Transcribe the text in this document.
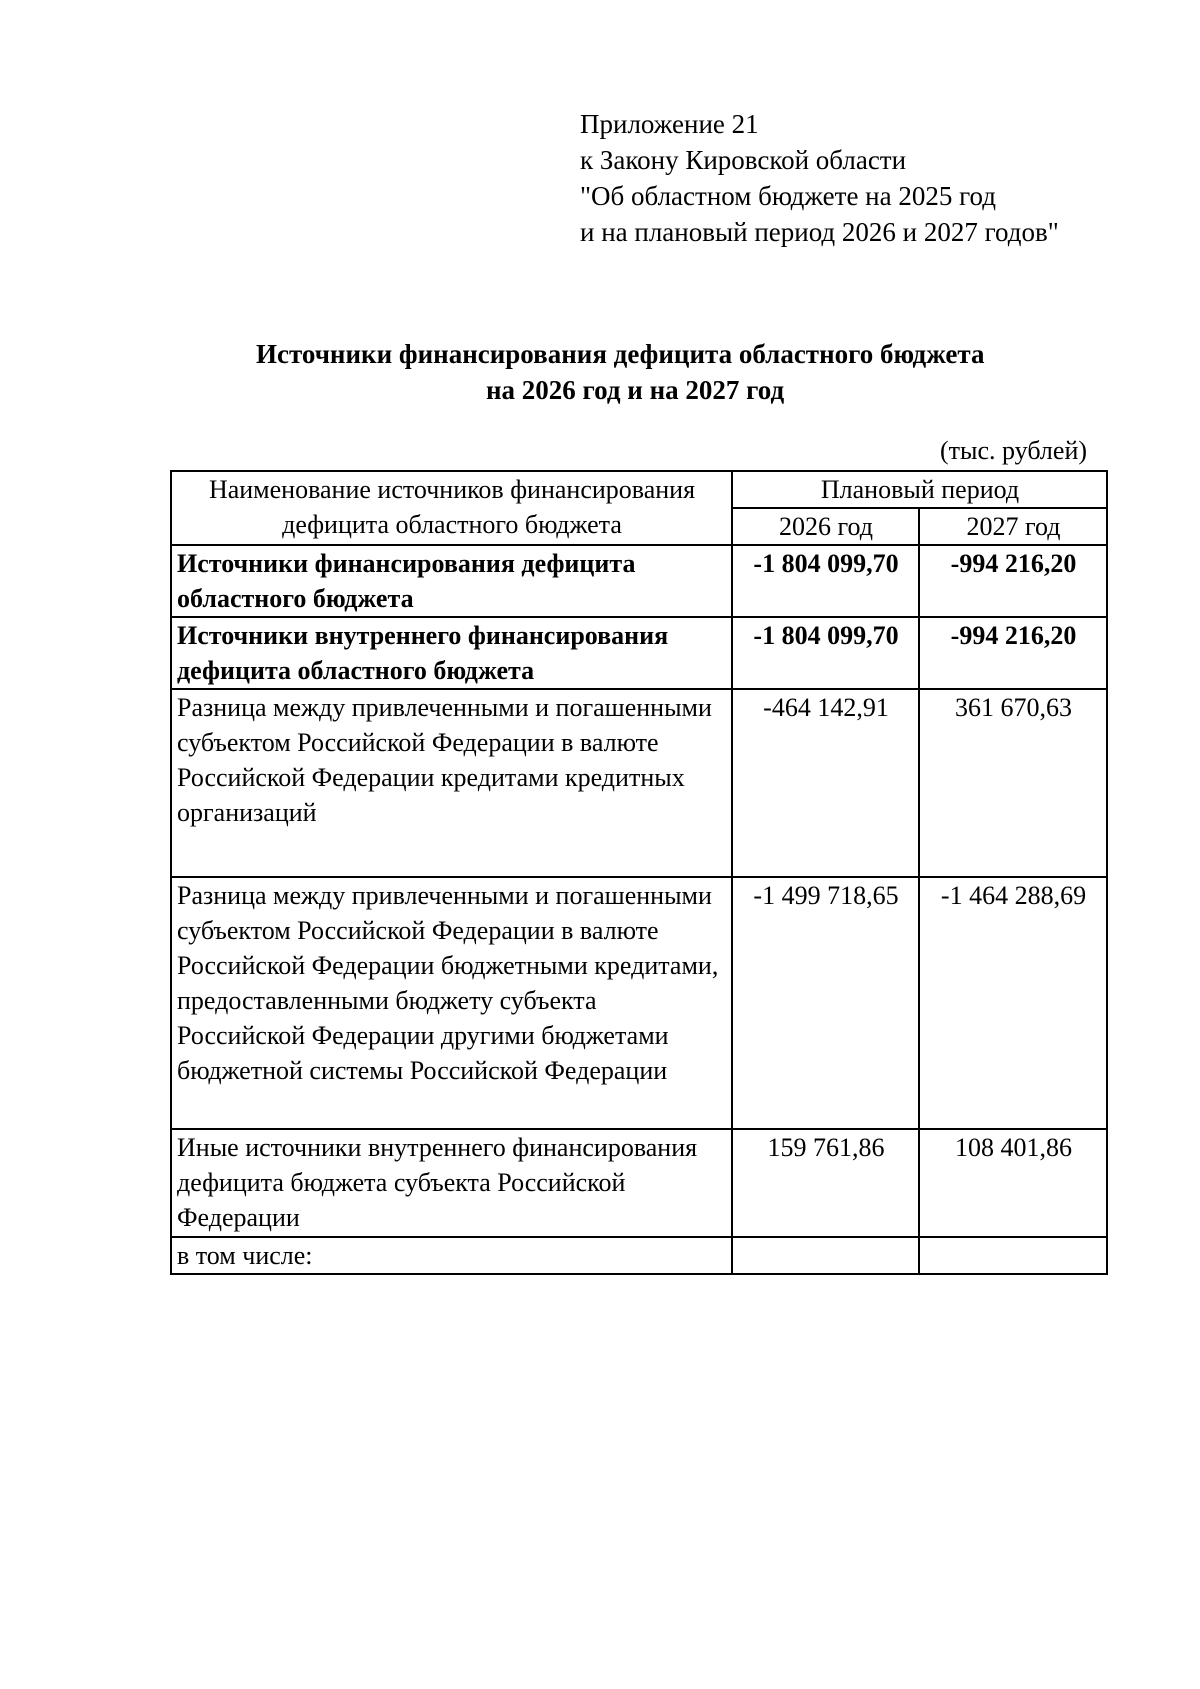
Приложение 21
к Закону Кировской области
"Об областном бюджете на 2025 год
и на плановый период 2026 и 2027 годов"
Источники финансирования дефицита областного бюджета
на 2026 год и на 2027 год
(тыс. рублей)
Наименование источников финансирования дефицита областного бюджета	Плановый период	
	2026 год	2027 год
Источники финансирования дефицита областного бюджета	-1 804 099,70	-994 216,20
Источники внутреннего финансирования дефицита областного бюджета	-1 804 099,70	-994 216,20
Разница между привлеченными и погашенными субъектом Российской Федерации в валюте Российской Федерации кредитами кредитных организаций	-464 142,91	361 670,63
Разница между привлеченными и погашенными субъектом Российской Федерации в валюте Российской Федерации бюджетными кредитами, предоставленными бюджету субъекта Российской Федерации другими бюджетами бюджетной системы Российской Федерации	-1 499 718,65	-1 464 288,69
Иные источники внутреннего финансирования дефицита бюджета субъекта Российской Федерации	159 761,86	108 401,86
в том числе:		
